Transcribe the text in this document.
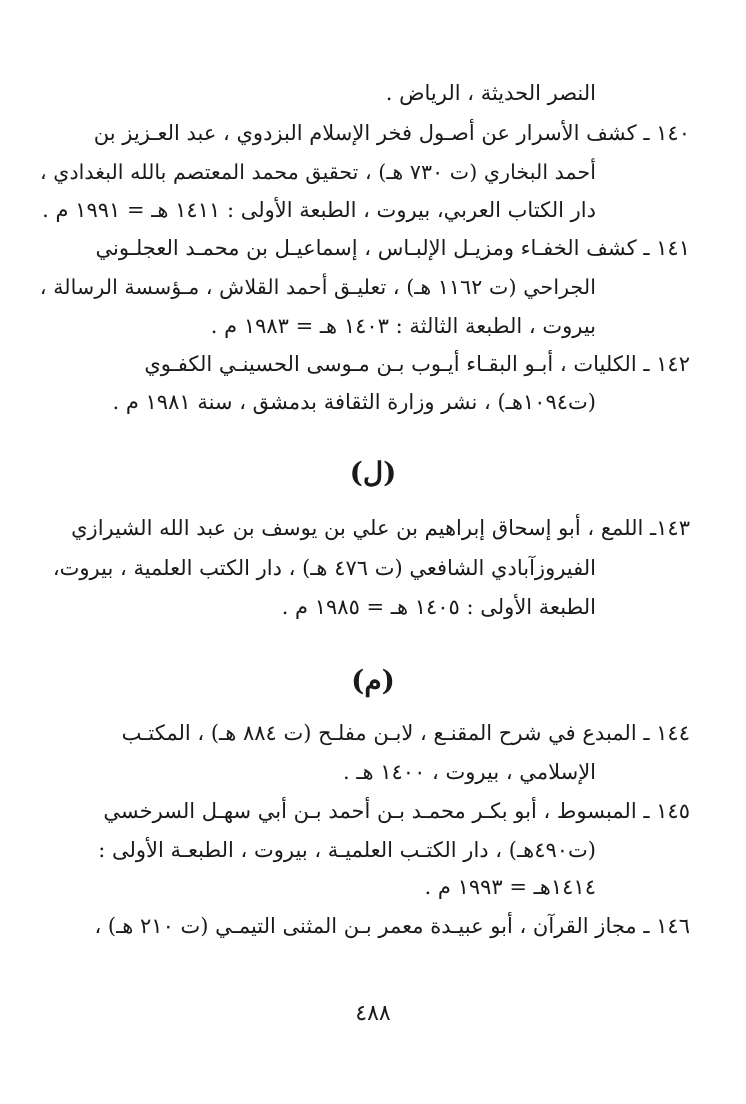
النصر الحديثة ، الرياض .
١٤٠ ـ كشف الأسرار عن أصـول فخر الإسلام البزدوي ، عبد العـزيز بن
أحمد البخاري (ت ٧٣٠ هـ) ، تحقيق محمد المعتصم بالله البغدادي ،
دار الكتاب العربي، بيروت ، الطبعة الأولى : ١٤١١ هـ = ١٩٩١ م .
١٤١ ـ كشف الخفـاء ومزيـل الإلبـاس ، إسماعيـل بن محمـد العجلـوني
الجراحي (ت ١١٦٢ هـ) ، تعليـق أحمد القلاش ، مـؤسسة الرسالة ،
بيروت ، الطبعة الثالثة : ١٤٠٣ هـ = ١٩٨٣ م .
١٤٢ ـ الكليات ، أبـو البقـاء أيـوب بـن مـوسى الحسينـي الكفـوي
(ت١٠٩٤هـ) ، نشر وزارة الثقافة بدمشق ، سنة ١٩٨١ م .
(ل)
١٤٣ـ اللمع ، أبو إسحاق إبراهيم بن علي بن يوسف بن عبد الله الشيرازي
الفيروزآبادي الشافعي (ت ٤٧٦ هـ) ، دار الكتب العلمية ، بيروت،
الطبعة الأولى : ١٤٠٥ هـ = ١٩٨٥ م .
(م)
١٤٤ ـ المبدع في شرح المقنـع ، لابـن مفلـح (ت ٨٨٤ هـ) ، المكتـب
الإسلامي ، بيروت ، ١٤٠٠ هـ .
١٤٥ ـ المبسوط ، أبو بكـر محمـد بـن أحمد بـن أبي سهـل السرخسي
(ت٤٩٠هـ) ، دار الكتـب العلميـة ، بيروت ، الطبعـة الأولى :
١٤١٤هـ = ١٩٩٣ م .
١٤٦ ـ مجاز القرآن ، أبو عبيـدة معمر بـن المثنى التيمـي (ت ٢١٠ هـ) ،
٤٨٨
